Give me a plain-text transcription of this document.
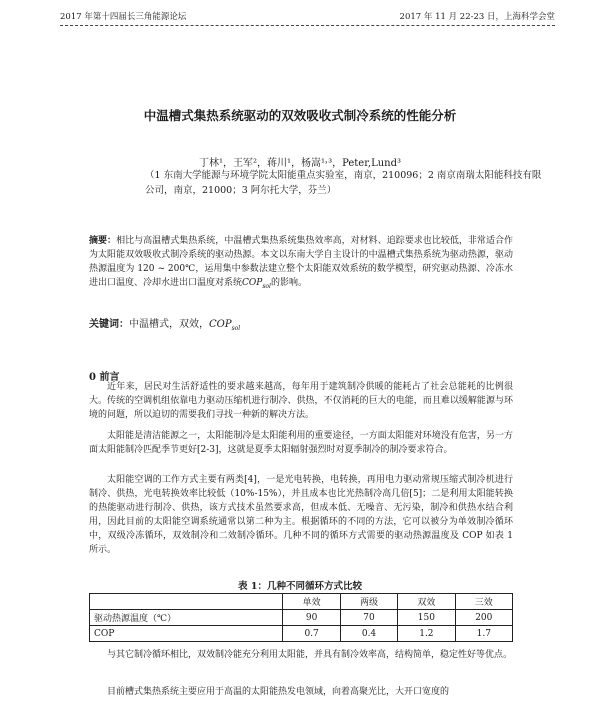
2017 年第十四届长三角能源论坛	2017 年 11 月 22-23 日，上海科学会堂
中温槽式集热系统驱动的双效吸收式制冷系统的性能分析
丁林¹，王军²，蒋川¹，杨嵩¹˒³，Peter,Lund³
（1 东南大学能源与环境学院太阳能重点实验室，南京，210096；2 南京南瑞太阳能科技有限公司，南京，21000；3 阿尔托大学，芬兰）
摘要：相比与高温槽式集热系统，中温槽式集热系统集热效率高，对材料、追踪要求也比较低，非常适合作为太阳能双效吸收式制冷系统的驱动热源。本文以东南大学自主设计的中温槽式集热系统为驱动热源，驱动热源温度为 120 ~ 200℃，运用集中参数法建立整个太阳能双效系统的数学模型，研究驱动热源、冷冻水进出口温度、冷却水进出口温度对系统$COP_{sol}$的影响。
关键词：中温槽式，双效，$COP_{sol}$
0 前言

近年来，居民对生活舒适性的要求越来越高，每年用于建筑制冷供暖的能耗占了社会总能耗的比例很大。传统的空调机组依靠电力驱动压缩机进行制冷、供热，不仅消耗的巨大的电能，而且难以缓解能源与环境的问题，所以迫切的需要我们寻找一种新的解决方法。

太阳能是清洁能源之一，太阳能制冷是太阳能利用的重要途径，一方面太阳能对环境没有危害，另一方面太阳能制冷匹配季节更好[2-3]，这就是夏季太阳辐射强烈时对夏季制冷的制冷要求符合。

太阳能空调的工作方式主要有两类[4]，一是光电转换，电转换，再用电力驱动常规压缩式制冷机进行制冷、供热，光电转换效率比较低（10%-15%），并且成本也比光热制冷高几倍[5]；二是利用太阳能转换的热能驱动进行制冷、供热，该方式技术虽然要求高，但成本低、无噪音、无污染，制冷和供热水结合利用，因此目前的太阳能空调系统通常以第二种为主。根据循环的不同的方法，它可以被分为单效制冷循环中，双级冷冻循环，双效制冷和二效制冷循环。几种不同的循环方式需要的驱动热源温度及 COP 如表 1 所示。

表 1：几种不同循环方式比较
	单效	两级	双效	三效
驱动热源温度（℃）	90	70	150	200
COP	0.7	0.4	1.2	1.7

与其它制冷循环相比，双效制冷能充分利用太阳能，并具有制冷效率高，结构简单，稳定性好等优点。

目前槽式集热系统主要应用于高温的太阳能热发电领域，向着高聚光比，大开口宽度的
